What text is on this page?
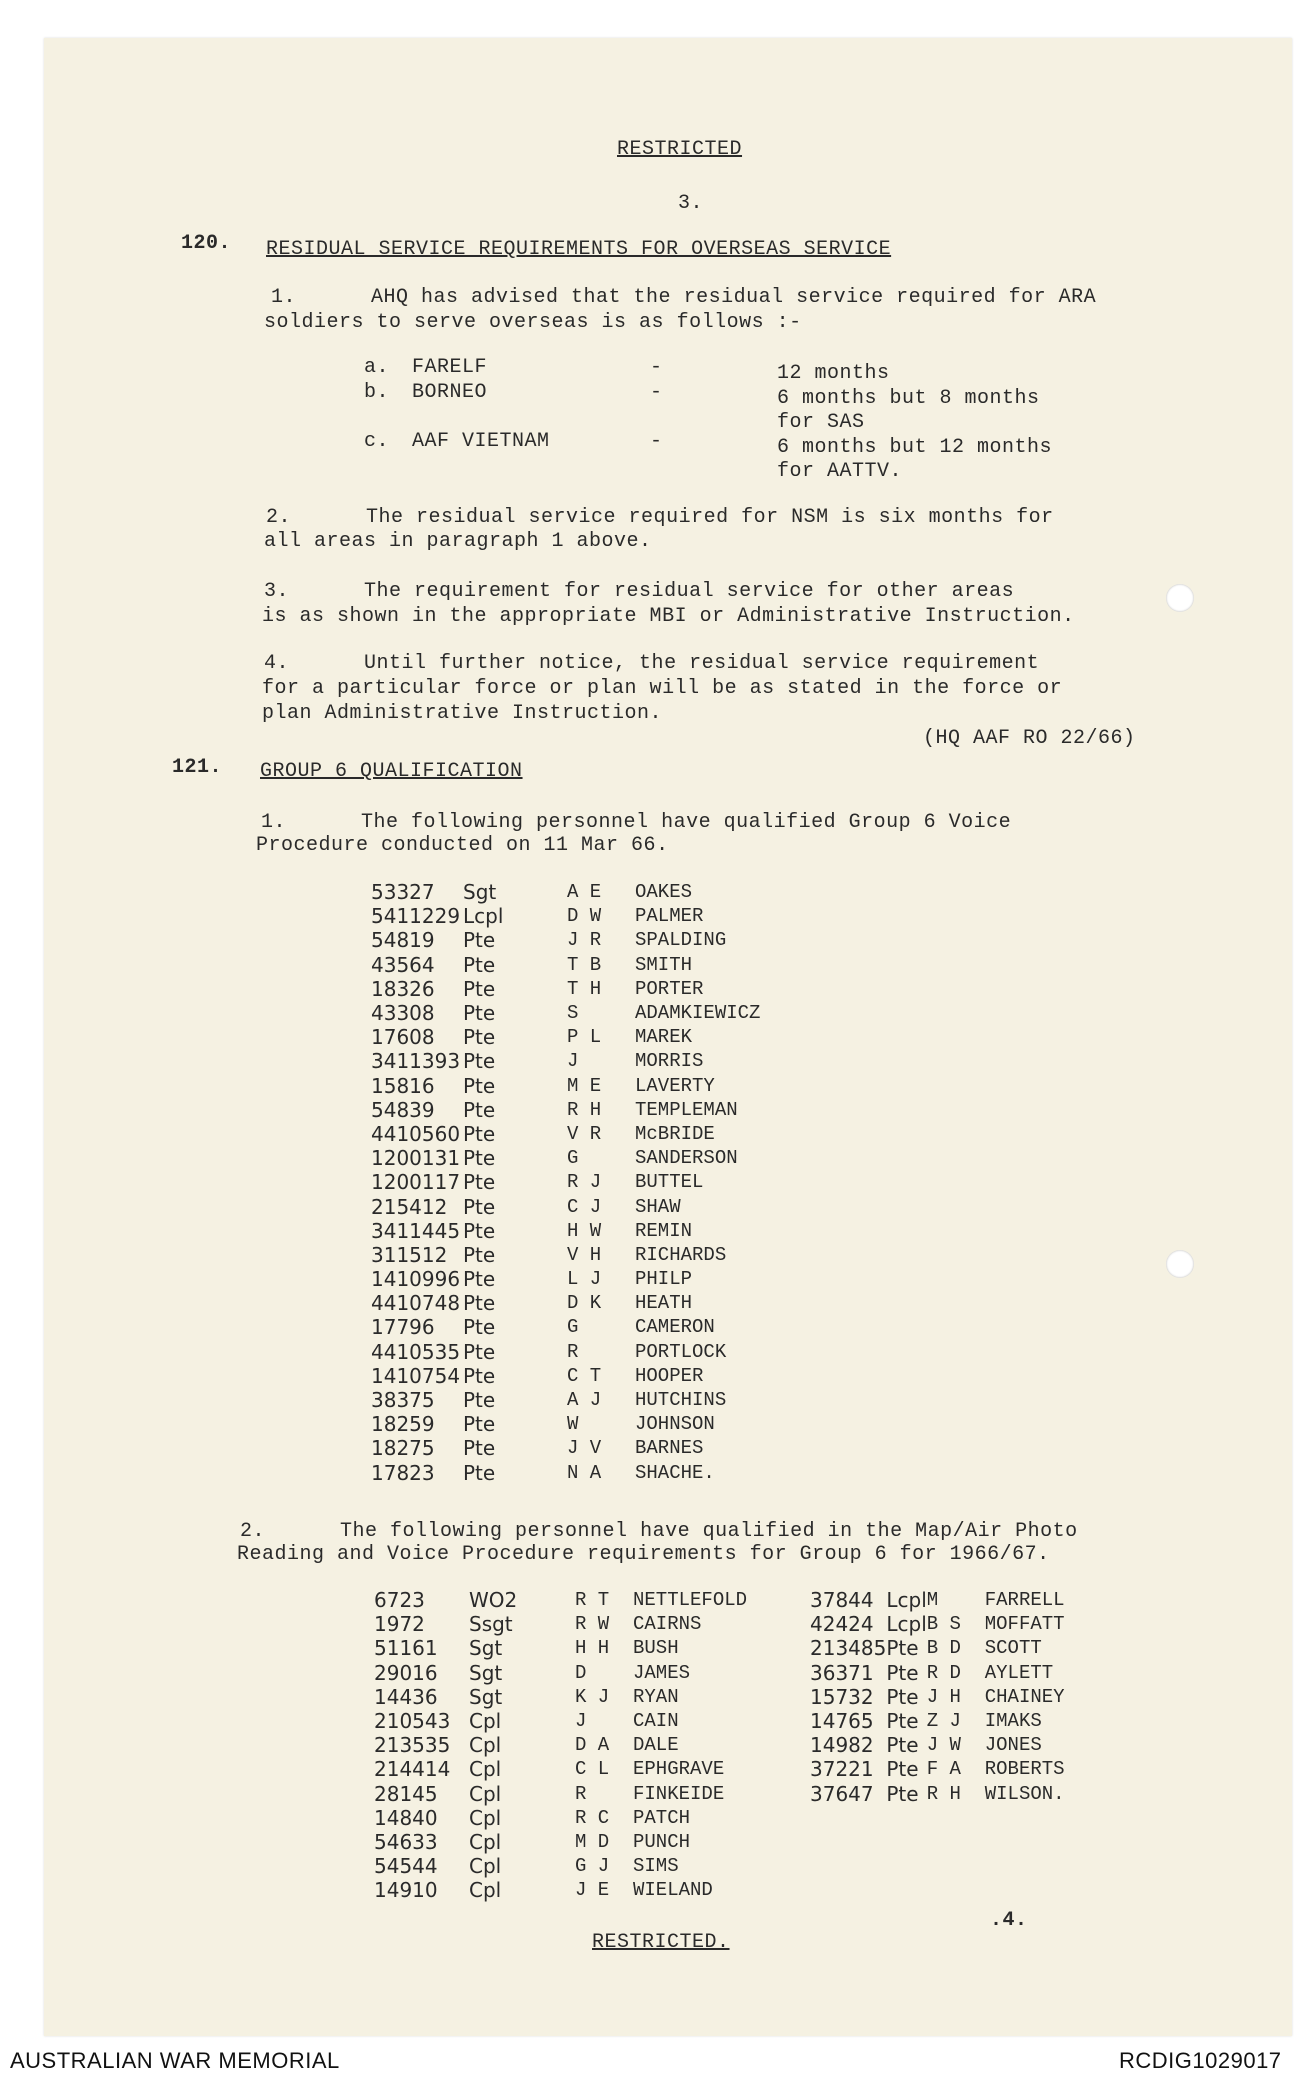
RESTRICTED
3.
120. RESIDUAL SERVICE REQUIREMENTS FOR OVERSEAS SERVICE
1.      AHQ has advised that the residual service required for ARA
soldiers to serve overseas is as follows :-
a. FARELF	-	12 months
b. BORNEO	-	6 months but 8 months
for SAS
c. AAF VIETNAM	-	6 months but 12 months
for AATTV.
2.      The residual service required for NSM is six months for
all areas in paragraph 1 above.
3.      The requirement for residual service for other areas
is as shown in the appropriate MBI or Administrative Instruction.
4.      Until further notice, the residual service requirement
for a particular force or plan will be as stated in the force or
plan Administrative Instruction.
(HQ AAF RO 22/66)
121. GROUP 6 QUALIFICATION
1.      The following personnel have qualified Group 6 Voice
Procedure conducted on 11 Mar 66.
53327	Sgt	A E	OAKES
5411229	Lcpl	D W	PALMER
54819	Pte	J R	SPALDING
43564	Pte	T B	SMITH
18326	Pte	T H	PORTER
43308	Pte	S	ADAMKIEWICZ
17608	Pte	P L	MAREK
3411393	Pte	J	MORRIS
15816	Pte	M E	LAVERTY
54839	Pte	R H	TEMPLEMAN
4410560	Pte	V R	McBRIDE
1200131	Pte	G	SANDERSON
1200117	Pte	R J	BUTTEL
215412	Pte	C J	SHAW
3411445	Pte	H W	REMIN
311512	Pte	V H	RICHARDS
1410996	Pte	L J	PHILP
4410748	Pte	D K	HEATH
17796	Pte	G	CAMERON
4410535	Pte	R	PORTLOCK
1410754	Pte	C T	HOOPER
38375	Pte	A J	HUTCHINS
18259	Pte	W	JOHNSON
18275	Pte	J V	BARNES
17823	Pte	N A	SHACHE.
2.      The following personnel have qualified in the Map/Air Photo
Reading and Voice Procedure requirements for Group 6 for 1966/67.
6723	WO2	R T	NETTLEFOLD
1972	Ssgt	R W	CAIRNS
51161	Sgt	H H	BUSH
29016	Sgt	D	JAMES
14436	Sgt	K J	RYAN
210543	Cpl	J	CAIN
213535	Cpl	D A	DALE
214414	Cpl	C L	EPHGRAVE
28145	Cpl	R	FINKEIDE
14840	Cpl	R C	PATCH
54633	Cpl	M D	PUNCH
54544	Cpl	G J	SIMS
14910	Cpl	J E	WIELAND
37844	Lcpl	M	FARRELL
42424	Lcpl	B S	MOFFATT
213485	Pte	B D	SCOTT
36371	Pte	R D	AYLETT
15732	Pte	J H	CHAINEY
14765	Pte	Z J	IMAKS
14982	Pte	J W	JONES
37221	Pte	F A	ROBERTS
37647	Pte	R H	WILSON.
RESTRICTED.
.4.
AUSTRALIAN WAR MEMORIAL	RCDIG1029017
